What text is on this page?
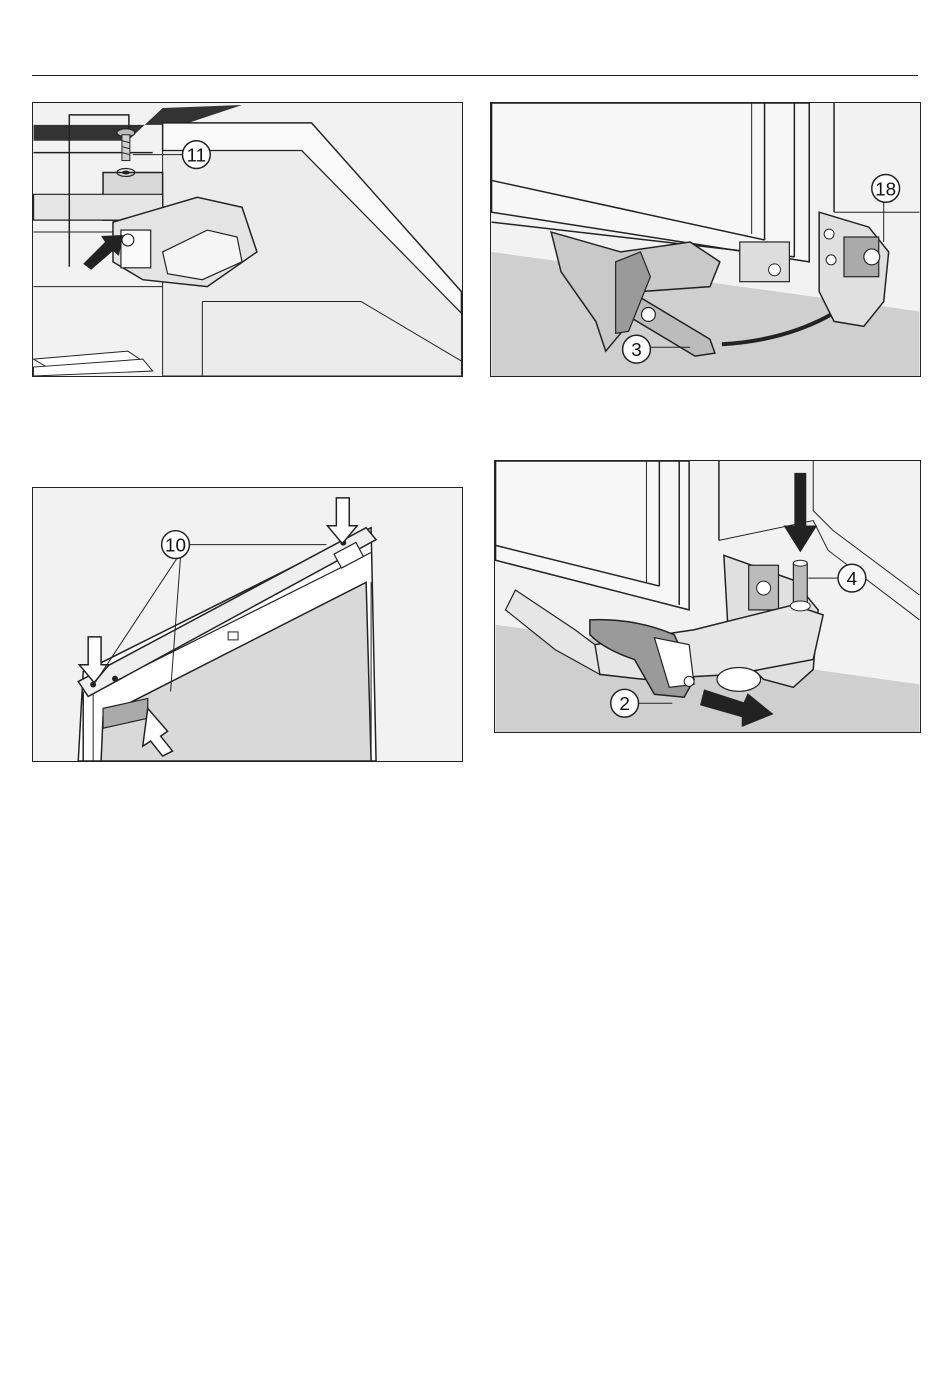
11
3
18
10
4
2
